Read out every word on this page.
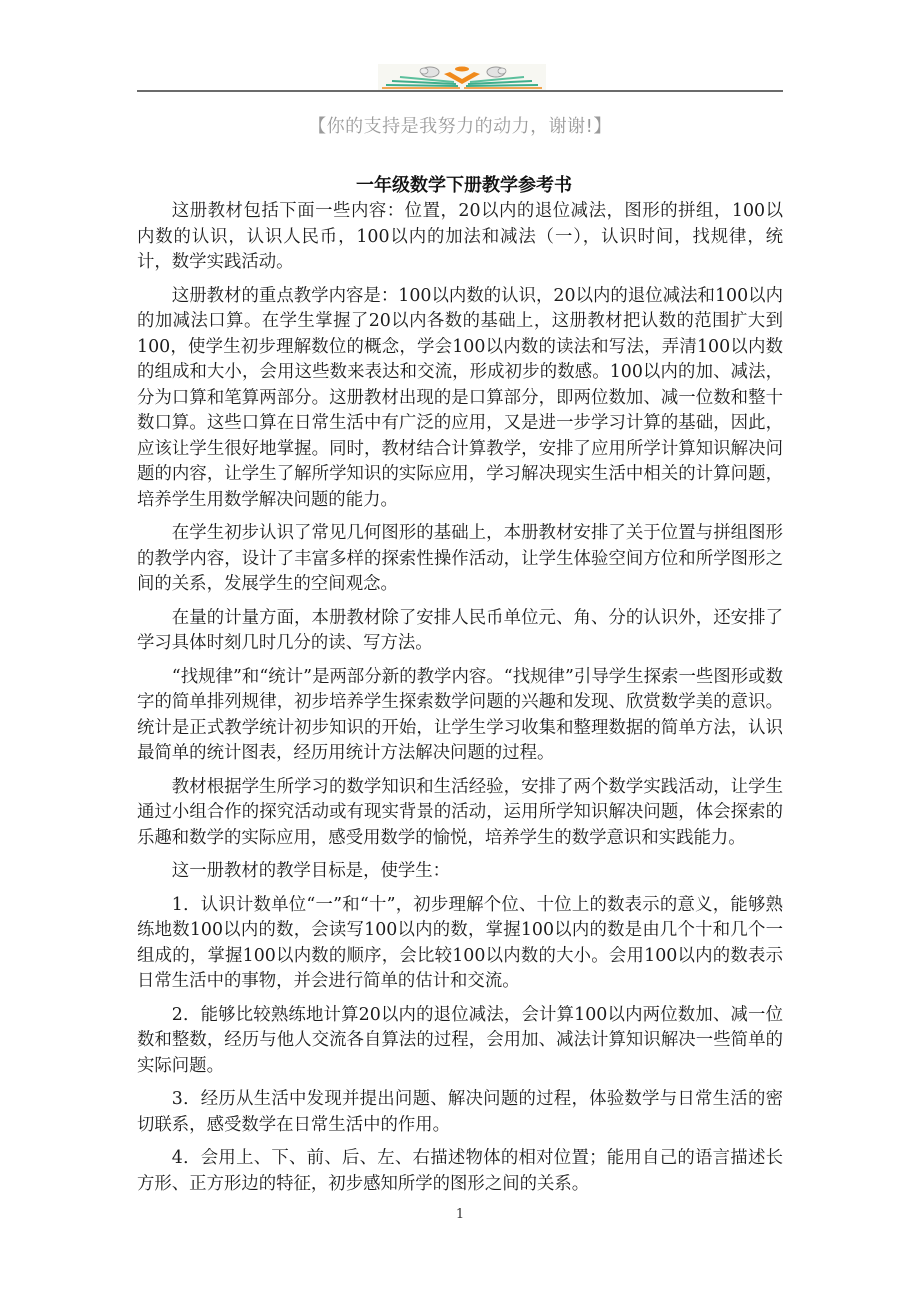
【你的支持是我努力的动力，谢谢!】
一年级数学下册教学参考书

这册教材包括下面一些内容：位置，20以内的退位减法，图形的拼组，100以内数的认识，认识人民币，100以内的加法和减法（一），认识时间，找规律，统计，数学实践活动。

这册教材的重点教学内容是：100以内数的认识，20以内的退位减法和100以内的加减法口算。在学生掌握了20以内各数的基础上，这册教材把认数的范围扩大到100，使学生初步理解数位的概念，学会100以内数的读法和写法，弄清100以内数的组成和大小，会用这些数来表达和交流，形成初步的数感。100以内的加、减法，分为口算和笔算两部分。这册教材出现的是口算部分，即两位数加、减一位数和整十数口算。这些口算在日常生活中有广泛的应用，又是进一步学习计算的基础，因此，应该让学生很好地掌握。同时，教材结合计算教学，安排了应用所学计算知识解决问题的内容，让学生了解所学知识的实际应用，学习解决现实生活中相关的计算问题，培养学生用数学解决问题的能力。

在学生初步认识了常见几何图形的基础上，本册教材安排了关于位置与拼组图形的教学内容，设计了丰富多样的探索性操作活动，让学生体验空间方位和所学图形之间的关系，发展学生的空间观念。

在量的计量方面，本册教材除了安排人民币单位元、角、分的认识外，还安排了学习具体时刻几时几分的读、写方法。

“找规律”和“统计”是两部分新的教学内容。“找规律”引导学生探索一些图形或数字的简单排列规律，初步培养学生探索数学问题的兴趣和发现、欣赏数学美的意识。统计是正式教学统计初步知识的开始，让学生学习收集和整理数据的简单方法，认识最简单的统计图表，经历用统计方法解决问题的过程。

教材根据学生所学习的数学知识和生活经验，安排了两个数学实践活动，让学生通过小组合作的探究活动或有现实背景的活动，运用所学知识解决问题，体会探索的乐趣和数学的实际应用，感受用数学的愉悦，培养学生的数学意识和实践能力。

这一册教材的教学目标是，使学生：

1．认识计数单位“一”和“十”，初步理解个位、十位上的数表示的意义，能够熟练地数100以内的数，会读写100以内的数，掌握100以内的数是由几个十和几个一组成的，掌握100以内数的顺序，会比较100以内数的大小。会用100以内的数表示日常生活中的事物，并会进行简单的估计和交流。

2．能够比较熟练地计算20以内的退位减法，会计算100以内两位数加、减一位数和整数，经历与他人交流各自算法的过程，会用加、减法计算知识解决一些简单的实际问题。

3．经历从生活中发现并提出问题、解决问题的过程，体验数学与日常生活的密切联系，感受数学在日常生活中的作用。

4．会用上、下、前、后、左、右描述物体的相对位置；能用自己的语言描述长方形、正方形边的特征，初步感知所学的图形之间的关系。

1
